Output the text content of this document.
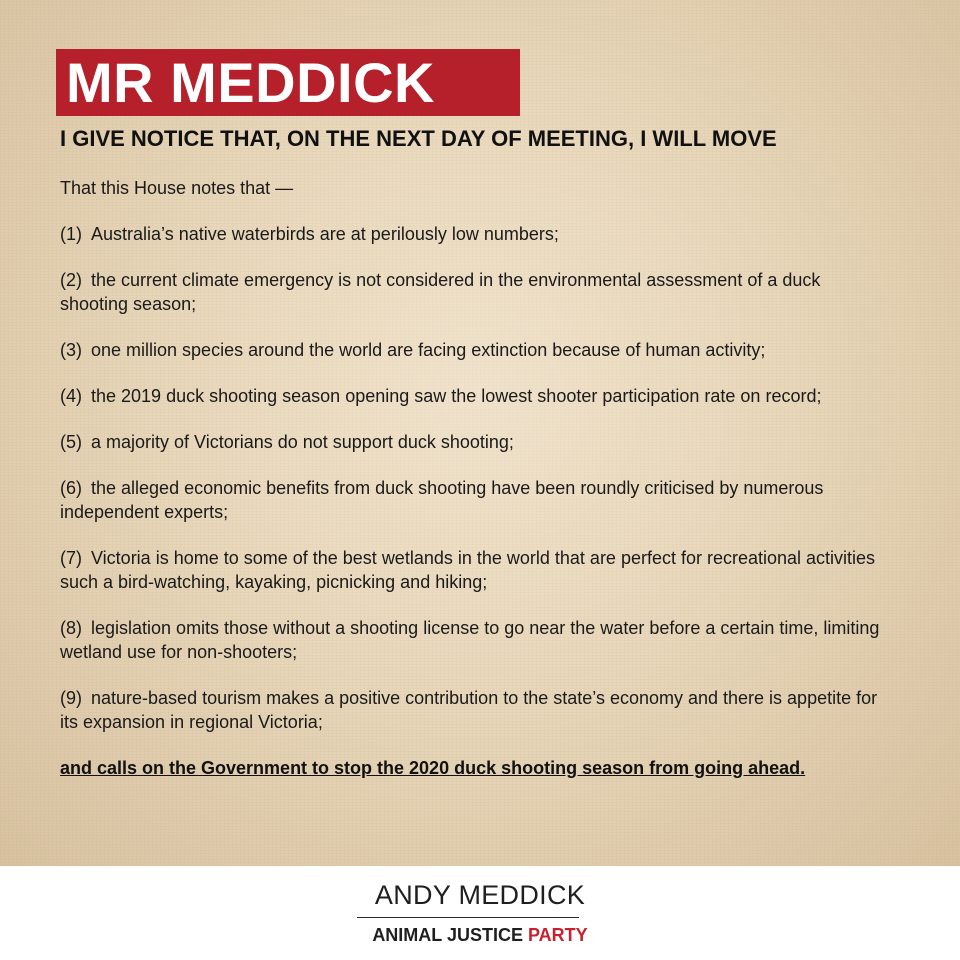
MR MEDDICK
I GIVE NOTICE THAT, ON THE NEXT DAY OF MEETING, I WILL MOVE

That this House notes that —

(1) Australia’s native waterbirds are at perilously low numbers;

(2) the current climate emergency is not considered in the environmental assessment of a duck shooting season;

(3) one million species around the world are facing extinction because of human activity;

(4) the 2019 duck shooting season opening saw the lowest shooter participation rate on record;

(5) a majority of Victorians do not support duck shooting;

(6) the alleged economic benefits from duck shooting have been roundly criticised by numerous independent experts;

(7) Victoria is home to some of the best wetlands in the world that are perfect for recreational activities such a bird-watching, kayaking, picnicking and hiking;

(8) legislation omits those without a shooting license to go near the water before a certain time, limiting wetland use for non-shooters;

(9) nature-based tourism makes a positive contribution to the state’s economy and there is appetite for its expansion in regional Victoria;

and calls on the Government to stop the 2020 duck shooting season from going ahead.

ANDY MEDDICK
ANIMAL JUSTICE PARTY
